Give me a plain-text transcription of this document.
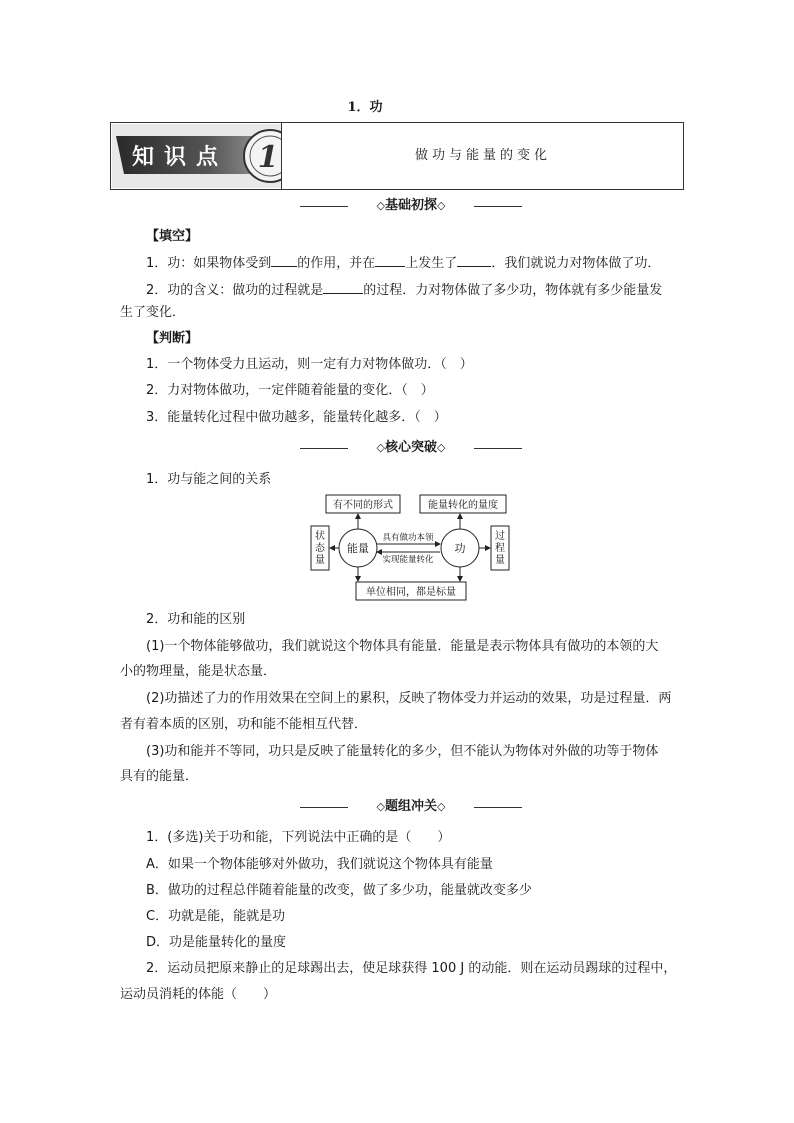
1．功
知识点 1	做功与能量的变化
◇基础初探◇
【填空】
1．功：如果物体受到 的作用，并在 上发生了	．我们就说力对物体做了功．
2．功的含义：做功的过程就是	的过程．力对物体做了多少功，物体就有多少能量发
生了变化．
【判断】
1．一个物体受力且运动，则一定有力对物体做功．（　）
2．力对物体做功，一定伴随着能量的变化．（　）
3．能量转化过程中做功越多，能量转化越多．（　）
◇核心突破◇
1．功与能之间的关系
有不同的形式	能量转化的量度
能量	功
具有做功本领
实现能量转化
单位相同，都是标量
状
态
量
过
程
量
2．功和能的区别
(1)一个物体能够做功，我们就说这个物体具有能量．能量是表示物体具有做功的本领的大
小的物理量，能是状态量．
(2)功描述了力的作用效果在空间上的累积，反映了物体受力并运动的效果，功是过程量．两
者有着本质的区别，功和能不能相互代替．
(3)功和能并不等同，功只是反映了能量转化的多少，但不能认为物体对外做的功等于物体
具有的能量．
◇题组冲关◇
1．(多选)关于功和能，下列说法中正确的是（　　）
A．如果一个物体能够对外做功，我们就说这个物体具有能量
B．做功的过程总伴随着能量的改变，做了多少功，能量就改变多少
C．功就是能，能就是功
D．功是能量转化的量度
2．运动员把原来静止的足球踢出去，使足球获得 100 J 的动能．则在运动员踢球的过程中，
运动员消耗的体能（　　）
